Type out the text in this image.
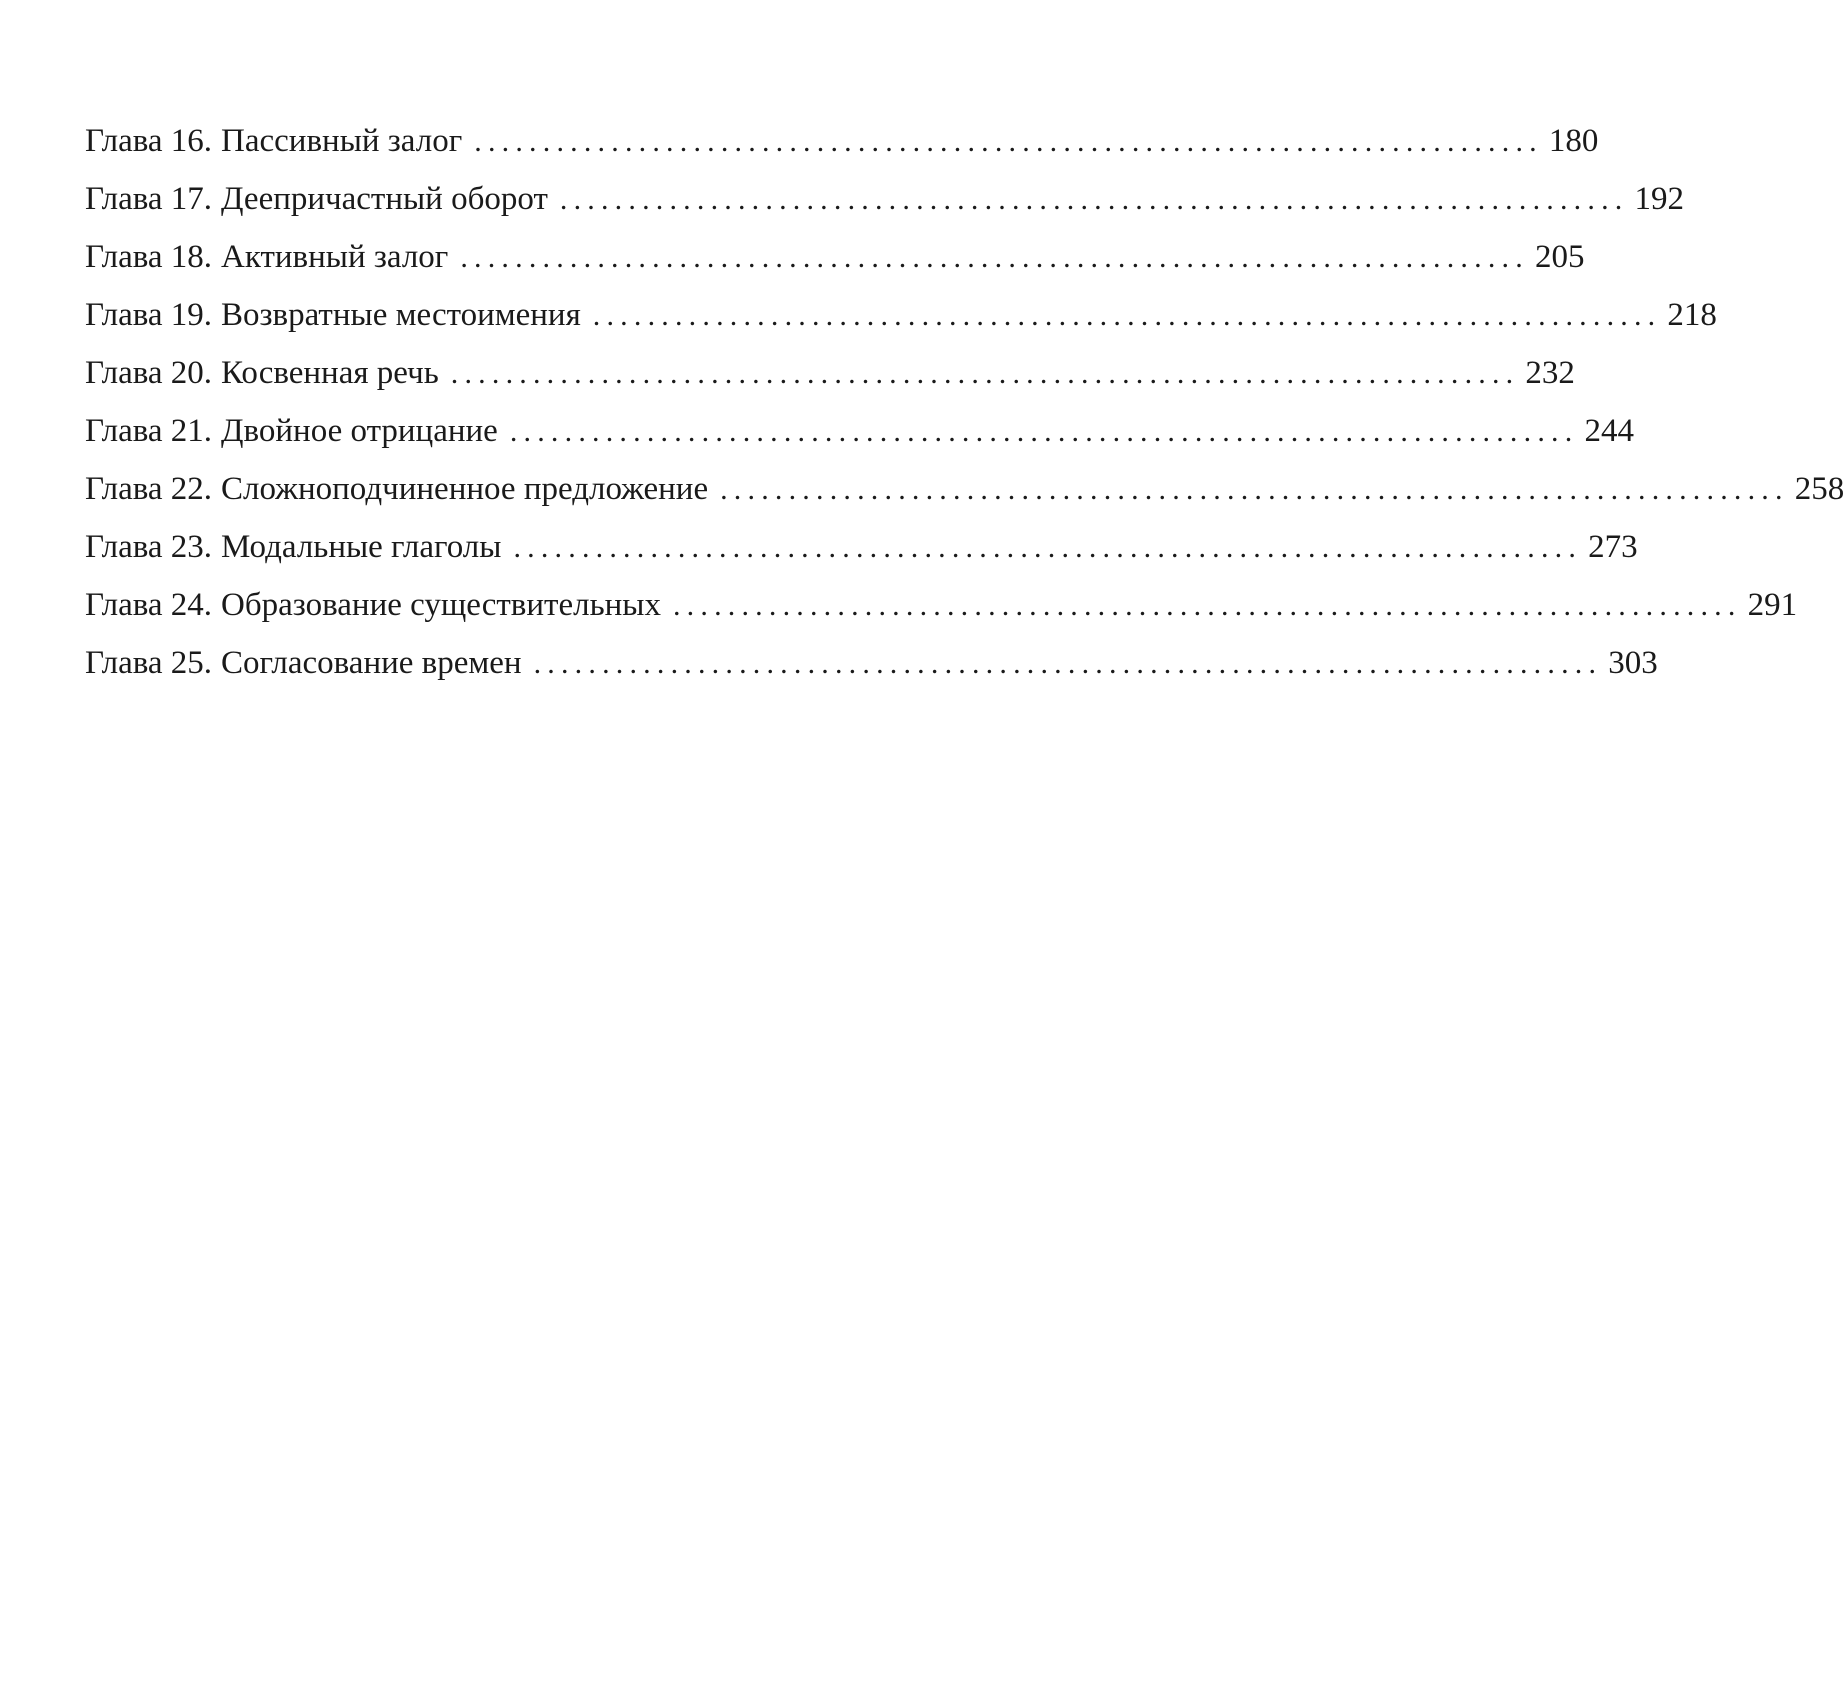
Глава 16. Пассивный залог .............................................................................. 180
Глава 17. Деепричастный оборот .............................................................................. 192
Глава 18. Активный залог .............................................................................. 205
Глава 19. Возвратные местоимения .............................................................................. 218
Глава 20. Косвенная речь .............................................................................. 232
Глава 21. Двойное отрицание .............................................................................. 244
Глава 22. Сложноподчиненное предложение .............................................................................. 258
Глава 23. Модальные глаголы .............................................................................. 273
Глава 24. Образование существительных .............................................................................. 291
Глава 25. Согласование времен .............................................................................. 303
